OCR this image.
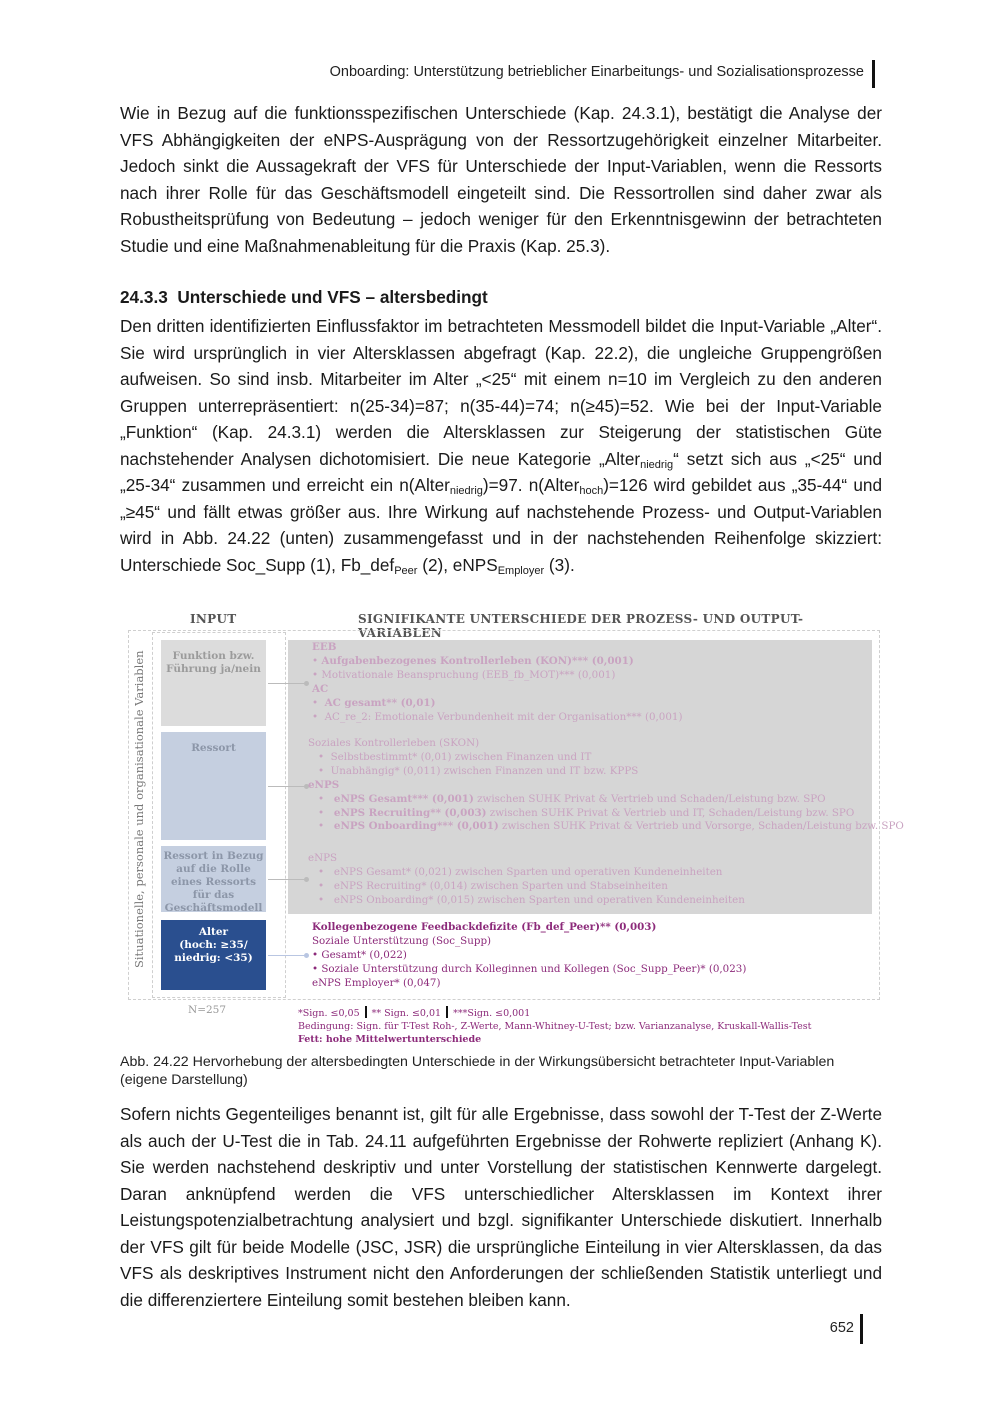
Onboarding: Unterstützung betrieblicher Einarbeitungs- und Sozialisationsprozesse

Wie in Bezug auf die funktionsspezifischen Unterschiede (Kap. 24.3.1), bestätigt die Analyse der VFS Abhängigkeiten der eNPS-Ausprägung von der Ressortzugehörigkeit einzelner Mitarbeiter. Jedoch sinkt die Aussagekraft der VFS für Unterschiede der Input-Variablen, wenn die Ressorts nach ihrer Rolle für das Geschäftsmodell eingeteilt sind. Die Ressortrollen sind daher zwar als Robustheitsprüfung von Bedeutung – jedoch weniger für den Erkenntnisgewinn der betrachteten Studie und eine Maßnahmenableitung für die Praxis (Kap. 25.3).

24.3.3 Unterschiede und VFS – altersbedingt

Den dritten identifizierten Einflussfaktor im betrachteten Messmodell bildet die Input-Variable „Alter“. Sie wird ursprünglich in vier Altersklassen abgefragt (Kap. 22.2), die ungleiche Gruppengrößen aufweisen. So sind insb. Mitarbeiter im Alter „<25“ mit einem n=10 im Vergleich zu den anderen Gruppen unterrepräsentiert: n(25-34)=87; n(35-44)=74; n(≥45)=52. Wie bei der Input-Variable „Funktion“ (Kap. 24.3.1) werden die Altersklassen zur Steigerung der statistischen Güte nachstehender Analysen dichotomisiert. Die neue Kategorie „Alter$_{niedrig}$“ setzt sich aus „<25“ und „25-34“ zusammen und erreicht ein n(Alter$_{niedrig}$)=97. n(Alter$_{hoch}$)=126 wird gebildet aus „35-44“ und „≥45“ und fällt etwas größer aus. Ihre Wirkung auf nachstehende Prozess- und Output-Variablen wird in Abb. 24.22 (unten) zusammengefasst und in der nachstehenden Reihenfolge skizziert: Unterschiede Soc_Supp (1), Fb_def$_{Peer}$ (2), eNPS$_{Employer}$ (3).

INPUT	SIGNIFIKANTE UNTERSCHIEDE DER PROZESS- UND OUTPUT-VARIABLEN
Situationelle, personale und organisationale Variablen	Funktion bzw. Führung ja/nein
Ressort
Ressort in Bezug auf die Rolle eines Ressorts für das Geschäftsmodell
Alter
(hoch: ≥35/
niedrig: <35)
EEB
• Aufgabenbezogenes Kontrollerleben (KON)*** (0,001)
• Motivationale Beanspruchung (EEB_fb_MOT)*** (0,001)
AC
•  AC gesamt** (0,01)
•  AC_re_2: Emotionale Verbundenheit mit der Organisation*** (0,001)
Soziales Kontrollerleben (SKON)
•  Selbstbestimmt* (0,01) zwischen Finanzen und IT
•  Unabhängig* (0,011) zwischen Finanzen und IT bzw. KPPS
eNPS
•   eNPS Gesamt*** (0,001) zwischen SUHK Privat & Vertrieb und Schaden/Leistung bzw. SPO
•   eNPS Recruiting** (0,003) zwischen SUHK Privat & Vertrieb und IT, Schaden/Leistung bzw. SPO
•   eNPS Onboarding*** (0,001) zwischen SUHK Privat & Vertrieb und Vorsorge, Schaden/Leistung bzw. SPO
eNPS
•   eNPS Gesamt* (0,021) zwischen Sparten und operativen Kundeneinheiten
•   eNPS Recruiting* (0,014) zwischen Sparten und Stabseinheiten
•   eNPS Onboarding* (0,015) zwischen Sparten und operativen Kundeneinheiten
Kollegenbezogene Feedbackdefizite (Fb_def_Peer)** (0,003)
Soziale Unterstützung (Soc_Supp)
• Gesamt* (0,022)
• Soziale Unterstützung durch Kolleginnen und Kollegen (Soc_Supp_Peer)* (0,023)
eNPS Employer* (0,047)
N=257	*Sign. ≤0,05 ** Sign. ≤0,01 ***Sign. ≤0,001
Bedingung: Sign. für T-Test Roh-, Z-Werte, Mann-Whitney-U-Test; bzw. Varianzanalyse, Kruskall-Wallis-Test
Fett: hohe Mittelwertunterschiede

Abb. 24.22 Hervorhebung der altersbedingten Unterschiede in der Wirkungsübersicht betrachteter Input-Variablen (eigene Darstellung)

Sofern nichts Gegenteiliges benannt ist, gilt für alle Ergebnisse, dass sowohl der T-Test der Z-Werte als auch der U-Test die in Tab. 24.11 aufgeführten Ergebnisse der Rohwerte repliziert (Anhang K). Sie werden nachstehend deskriptiv und unter Vorstellung der statistischen Kennwerte dargelegt. Daran anknüpfend werden die VFS unterschiedlicher Altersklassen im Kontext ihrer Leistungspotenzialbetrachtung analysiert und bzgl. signifikanter Unterschiede diskutiert. Innerhalb der VFS gilt für beide Modelle (JSC, JSR) die ursprüngliche Einteilung in vier Altersklassen, da das VFS als deskriptives Instrument nicht den Anforderungen der schließenden Statistik unterliegt und die differenziertere Einteilung somit bestehen bleiben kann.

652
